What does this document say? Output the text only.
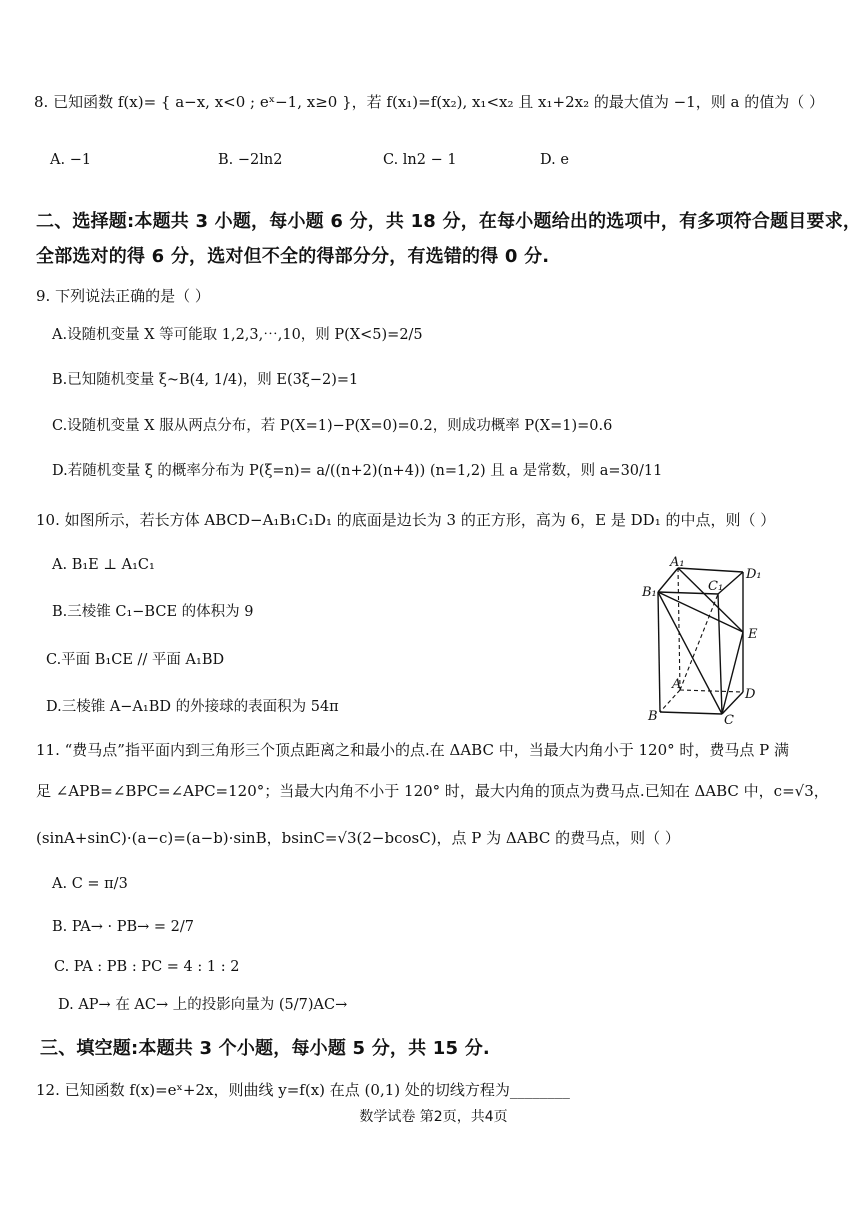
8. 已知函数 f(x)= { a−x, x<0 ; eˣ−1, x≥0 }，若 f(x₁)=f(x₂), x₁<x₂ 且 x₁+2x₂ 的最大值为 −1，则 a 的值为（ ）
A. −1	B. −2ln2	C. ln2 − 1	D. e
二、选择题:本题共 3 小题，每小题 6 分，共 18 分，在每小题给出的选项中，有多项符合题目要求，
全部选对的得 6 分，选对但不全的得部分分，有选错的得 0 分.
9. 下列说法正确的是（ ）
A.设随机变量 X 等可能取 1,2,3,⋯,10，则 P(X<5)=2/5
B.已知随机变量 ξ~B(4, 1/4)，则 E(3ξ−2)=1
C.设随机变量 X 服从两点分布，若 P(X=1)−P(X=0)=0.2，则成功概率 P(X=1)=0.6
D.若随机变量 ξ 的概率分布为 P(ξ=n)= a/((n+2)(n+4)) (n=1,2) 且 a 是常数，则 a=30/11
10. 如图所示，若长方体 ABCD−A₁B₁C₁D₁ 的底面是边长为 3 的正方形，高为 6，E 是 DD₁ 的中点，则（ ）
A. B₁E ⊥ A₁C₁
B.三棱锥 C₁−BCE 的体积为 9
C.平面 B₁CE // 平面 A₁BD
D.三棱锥 A−A₁BD 的外接球的表面积为 54π
A₁
C₁
D₁
B₁
E
A
D
B	C
11. “费马点”指平面内到三角形三个顶点距离之和最小的点.在 ΔABC 中，当最大内角小于 120° 时，费马点 P 满
足 ∠APB=∠BPC=∠APC=120°；当最大内角不小于 120° 时，最大内角的顶点为费马点.已知在 ΔABC 中，c=√3，
(sinA+sinC)·(a−c)=(a−b)·sinB，bsinC=√3(2−bcosC)，点 P 为 ΔABC 的费马点，则（ ）
A. C = π/3
B. PA→ · PB→ = 2/7
C. PA : PB : PC = 4 : 1 : 2
D. AP→ 在 AC→ 上的投影向量为 (5/7)AC→
三、填空题:本题共 3 个小题，每小题 5 分，共 15 分.
12. 已知函数 f(x)=eˣ+2x，则曲线 y=f(x) 在点 (0,1) 处的切线方程为________
数学试卷 第2页，共4页
